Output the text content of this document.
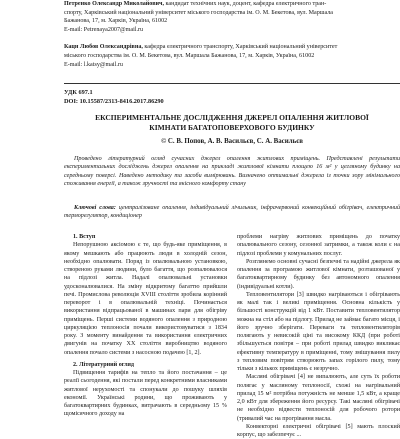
Петренко Олександр Миколайович, кандидат технічних наук, доцент, кафедра електричного тран-

спорту, Харківський національний університет міського господарства ім. О. М. Бекетова, вул. Маршала

Бажанова, 17, м. Харків, Україна, 61002

E-mail: Petrenaya2007@mail.ru

Кацн Любов Олександрівна, кафедра електричного транспорту, Харківський національний університет

міського господарства ім. О. М. Бекетова, вул. Маршала Бажанова, 17, м. Харків, Україна, 61002

E-mail: l.katsy@mail.ru

УДК 697.1

DOI: 10.15587/2313-8416.2017.86290

ЕКСПЕРИМЕНТАЛЬНЕ ДОСЛІДЖЕННЯ ДЖЕРЕЛ ОПАЛЕННЯ ЖИТЛОВОЇ

КІМНАТИ БАГАТОПОВЕРХОВОГО БУДИНКУ

© С. В. Попов, А. В. Васильєв, С. А. Васильєв

Проведено літературний огляд сучасних джерел опалення житлових приміщень. Представлені результати експериментальних досліджень джерел опалення на прикладі житлової кімнати площею 16 м² у цегляному будинку на середньому поверсі. Наведено методику та засоби вимірювань. Визначено оптимальні джерела із точки зору мінімального споживання енергії, а також зручності та якісного комфорту стану

Ключові слова: централізоване опалення, індивідуальний лічильник, інфрачервоний конвекційний обігрівач, електричний терморегулятор, кондиціонер

1. Вступ

Непорушною аксіомою є те, що будь-яке приміщення, в якому мешкають або працюють люди в холодній сезон, необхідно опалювати. Поряд із опалювальною установкою, створеною руками людини, було багаття, що розпалювалося на підлозі житла. Надалі опалювальні установки удосконалювалися. На зміну відкритому багаттю прийшли печі. Промислова революція XVIII століття зробила корінний переворот і в опалювальній техніці. Починається використання відпрацьованої в машинах пари для обігріву приміщень. Перші системи водяного опалення з природною циркуляцією теплоносія почали використовуватися з 1834 року. З моменту винайдення та використання електричних двигунів на початку XX століття виробництво водяного опалення почало системи з насосною подачею [1, 2].

2. Літературний огляд

Підвищення тарифів на тепло та його постачання – це реалії сьогодення, які постали перед конкретними власниками житлової нерухомості та спонукали до пошуку шляхів економії. Українські родини, що проживають у багатоквартирних будинках, витрачають в середньому 15 % щомісячного доходу на

проблеми нагріву житлових приміщень до початку опалювального сезону, сезонної затримки, а також коли є на підлозі проблеми у комунальних послуг.

Розглянемо основні сучасні безпечні та надійні джерела як опалення за програмою житлової кімнати, розташованої у багатоквартирному будинку без автономного опалення (індивідуальні котли).

Тепловентилятори [3] швидко нагріваються і обігрівають як малі так і великі приміщення. Основна кількість у більшості конструкцій від 1 кВт. Поставити тепловентилятор можна на стіл або на підлогу. Прилад не займає багато місця, і його зручно зберігати. Переваги та тепловентиляторів полягають у невисокій ціні та високому ККД (при роботі збільшується повітря – при роботі прилад швидко викликає ефективну температуру в приміщенні, тому змішування пилу з тепловим повітрям створюють запах горілого пилу, тому тільки з кількох приміщень є незручно.

Масляні обігрівачі [4] не випалюють, але суть їх роботи полягає у масляному теплоносії, схожі на нагрівальний прилад 15 м² потрібна потужність не менше 1,5 кВт, а краще 2,0 кВт для збереження його ресурсу. Такі масляні обігрівачі не необхідно відвести теплоносій для робочого ротори (тривалий час на прогрівання масла.

Конвекторні електричні обігрівачі [5] мають плоский корпус, що забезпечує ...
